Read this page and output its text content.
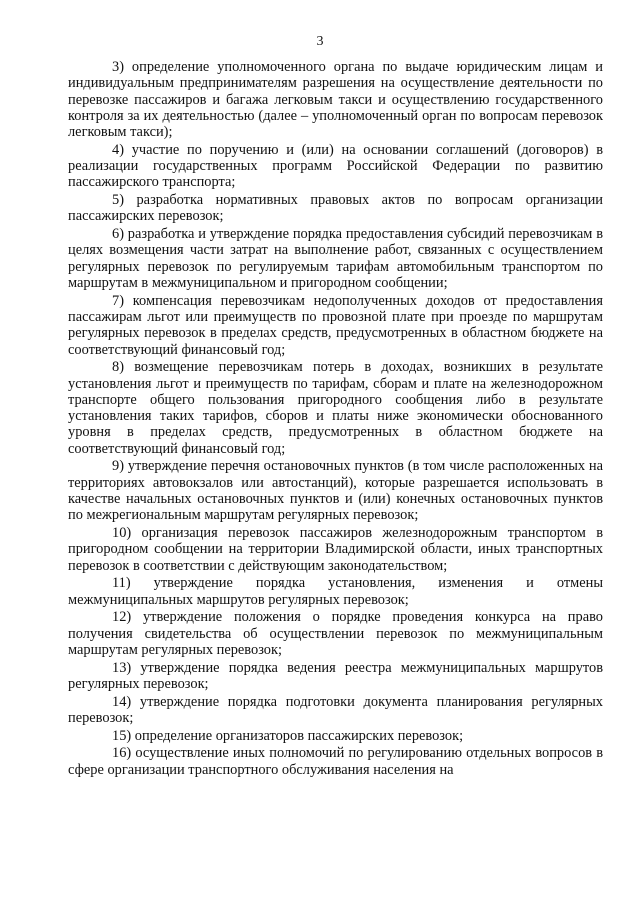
3

3) определение уполномоченного органа по выдаче юридическим лицам и индивидуальным предпринимателям разрешения на осуществление деятельности по перевозке пассажиров и багажа легковым такси и осуществлению государственного контроля за их деятельностью (далее – уполномоченный орган по вопросам перевозок легковым такси);

4) участие по поручению и (или) на основании соглашений (договоров) в реализации государственных программ Российской Федерации по развитию пассажирского транспорта;

5) разработка нормативных правовых актов по вопросам организации пассажирских перевозок;

6) разработка и утверждение порядка предоставления субсидий перевозчикам в целях возмещения части затрат на выполнение работ, связанных с осуществлением регулярных перевозок по регулируемым тарифам автомобильным транспортом по маршрутам в межмуниципальном и пригородном сообщении;

7) компенсация перевозчикам недополученных доходов от предоставления пассажирам льгот или преимуществ по провозной плате при проезде по маршрутам регулярных перевозок в пределах средств, предусмотренных в областном бюджете на соответствующий финансовый год;

8) возмещение перевозчикам потерь в доходах, возникших в результате установления льгот и преимуществ по тарифам, сборам и плате на железнодорожном транспорте общего пользования пригородного сообщения либо в результате установления таких тарифов, сборов и платы ниже экономически обоснованного уровня в пределах средств, предусмотренных в областном бюджете на соответствующий финансовый год;

9) утверждение перечня остановочных пунктов (в том числе расположенных на территориях автовокзалов или автостанций), которые разрешается использовать в качестве начальных остановочных пунктов и (или) конечных остановочных пунктов по межрегиональным маршрутам регулярных перевозок;

10) организация перевозок пассажиров железнодорожным транспортом в пригородном сообщении на территории Владимирской области, иных транспортных перевозок в соответствии с действующим законодательством;

11) утверждение порядка установления, изменения и отмены межмуниципальных маршрутов регулярных перевозок;

12) утверждение положения о порядке проведения конкурса на право получения свидетельства об осуществлении перевозок по межмуниципальным маршрутам регулярных перевозок;

13) утверждение порядка ведения реестра межмуниципальных маршрутов регулярных перевозок;

14) утверждение порядка подготовки документа планирования регулярных перевозок;

15) определение организаторов пассажирских перевозок;

16) осуществление иных полномочий по регулированию отдельных вопросов в сфере организации транспортного обслуживания населения на
